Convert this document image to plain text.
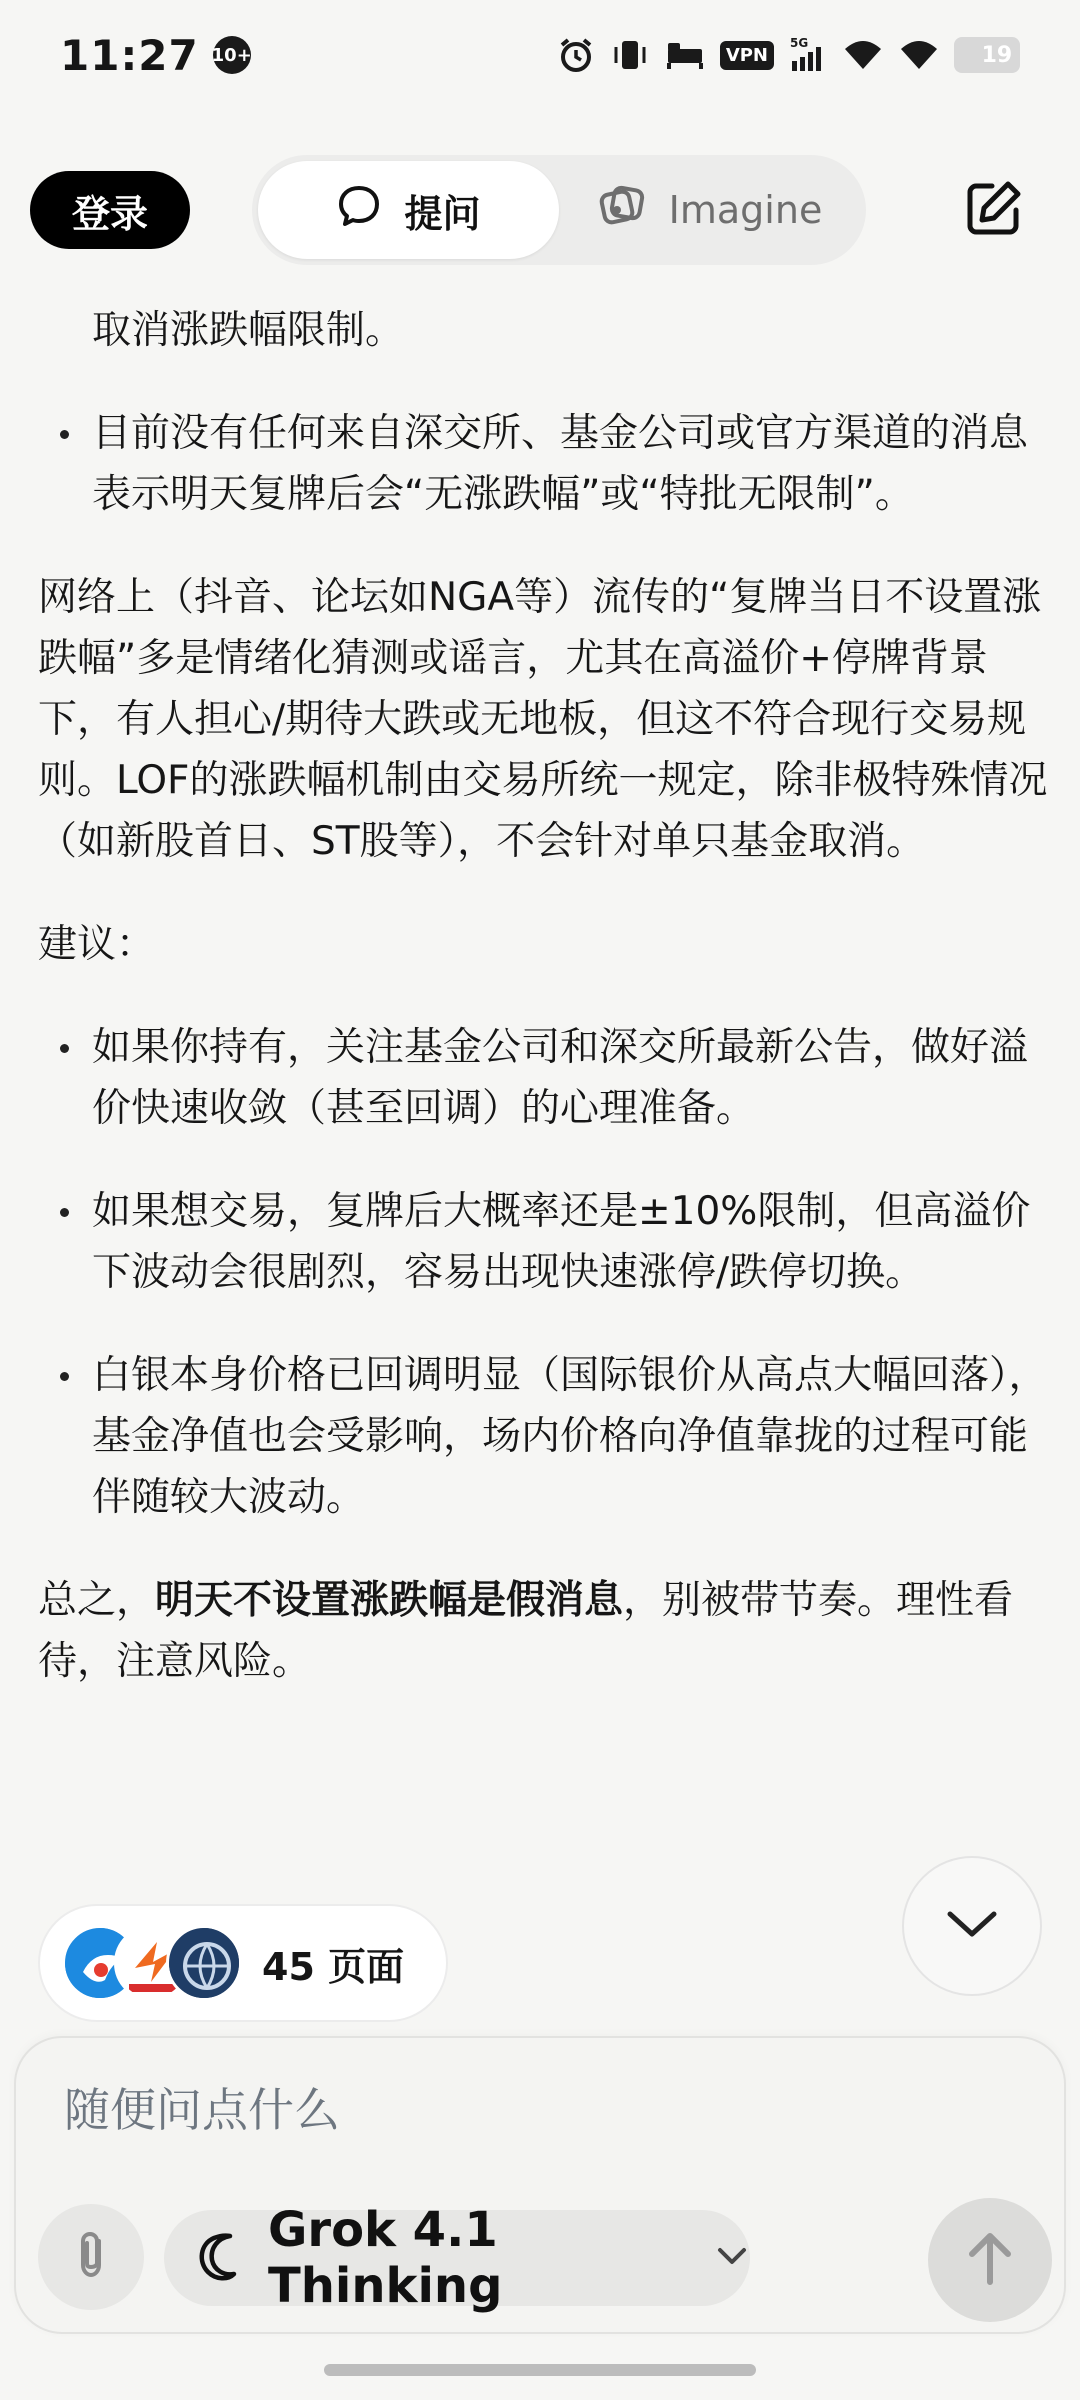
11:27 10+	VPN
5G	19
登录	提问	Imagine
取消涨跌幅限制。
目前没有任何来自深交所、基金公司或官方渠道的消息表示明天复牌后会“无涨跌幅”或“特批无限制”。
网络上（抖音、论坛如NGA等）流传的“复牌当日不设置涨跌幅”多是情绪化猜测或谣言，尤其在高溢价+停牌背景下，有人担心/期待大跌或无地板，但这不符合现行交易规则。LOF的涨跌幅机制由交易所统一规定，除非极特殊情况（如新股首日、ST股等），不会针对单只基金取消。
建议：
如果你持有，关注基金公司和深交所最新公告，做好溢价快速收敛（甚至回调）的心理准备。
如果想交易，复牌后大概率还是±10%限制，但高溢价下波动会很剧烈，容易出现快速涨停/跌停切换。
白银本身价格已回调明显（国际银价从高点大幅回落），基金净值也会受影响，场内价格向净值靠拢的过程可能伴随较大波动。
总之，明天不设置涨跌幅是假消息，别被带节奏。理性看待，注意风险。
45 页面
随便问点什么
Grok 4.1 Thinking
